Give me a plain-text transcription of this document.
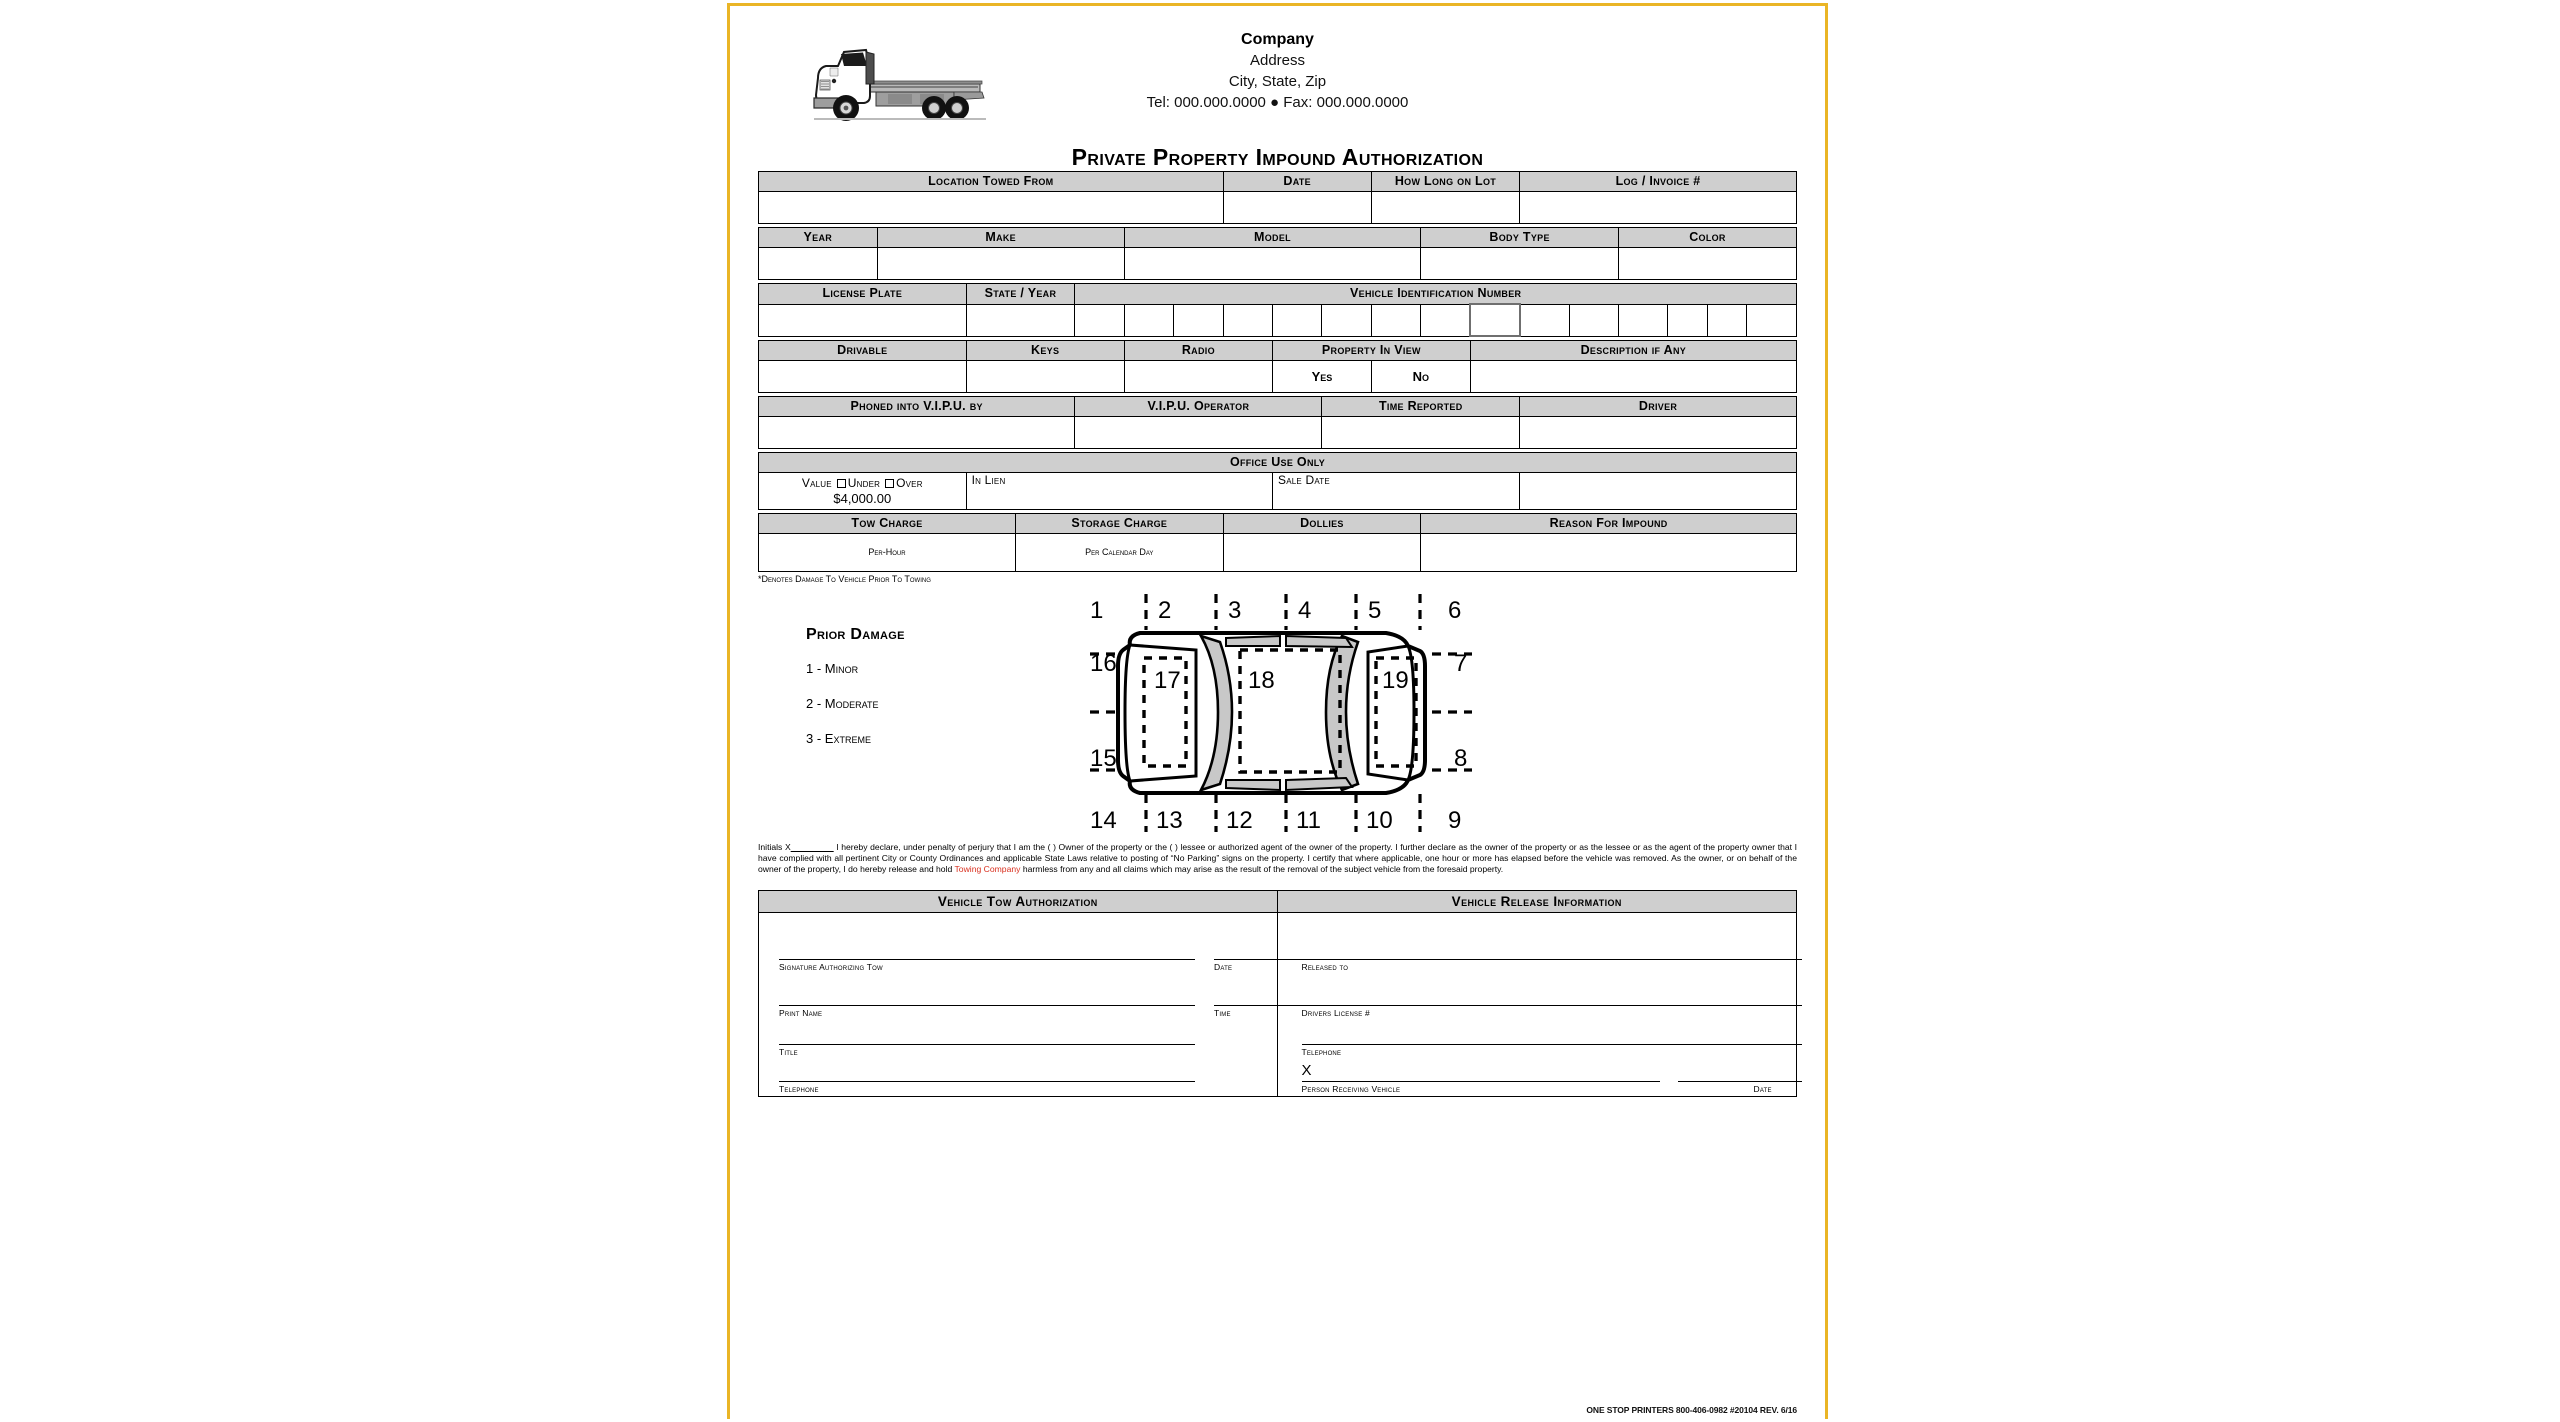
Company
Address
City, State, Zip
Tel: 000.000.0000 ● Fax: 000.000.0000
Private Property Impound Authorization
Location Towed From							Date			How Long on Lot			Log / Invoice #					

Year	Make				Model						Body Type				Color			

License Plate		State / Year		Vehicle Identification Number														

Drivable		Keys			Radio			Property In View				Description if Any						
								Yes		No								

Phoned into V.I.P.U. by				V.I.P.U. Operator					Time Reported				Driver					

Office Use Only																		
Value Under Over
$4,000.00		In Lien						Sale Date										

Tow Charge			Storage Charge				Dollies				Reason For Impound							
Per-Hour			Per Calendar Day															
*Denotes Damage To Vehicle Prior To Towing
Prior Damage
1 - Minor
2 - Moderate
3 - Extreme
1 2 3 4 5	6
16
15
7
8
14 13 12 11 10 9
17	18	19

Initials X	I hereby declare, under penalty of perjury that I am the ( ) Owner of the property or the ( ) lessee or authorized agent of the owner of the property. I further declare as the owner of the property or as the lessee or as the agent of the property owner that I have complied with all pertinent City or County Ordinances and applicable State Laws relative to posting of “No Parking” signs on the property. I certify that where applicable, one hour or more has elapsed before the vehicle was removed. As the owner, or on behalf of the owner of the property, I do hereby release and hold Towing Company harmless from any and all claims which may arise as the result of the removal of the subject vehicle from the foresaid property.

Vehicle Tow Authorization
Signature Authorizing Tow	Date
Print Name	Time
Title
Telephone
Vehicle Release Information
Released to
Drivers License #
Telephone
X
Person Receiving Vehicle	Date
ONE STOP PRINTERS 800-406-0982 #20104 REV. 6/16
